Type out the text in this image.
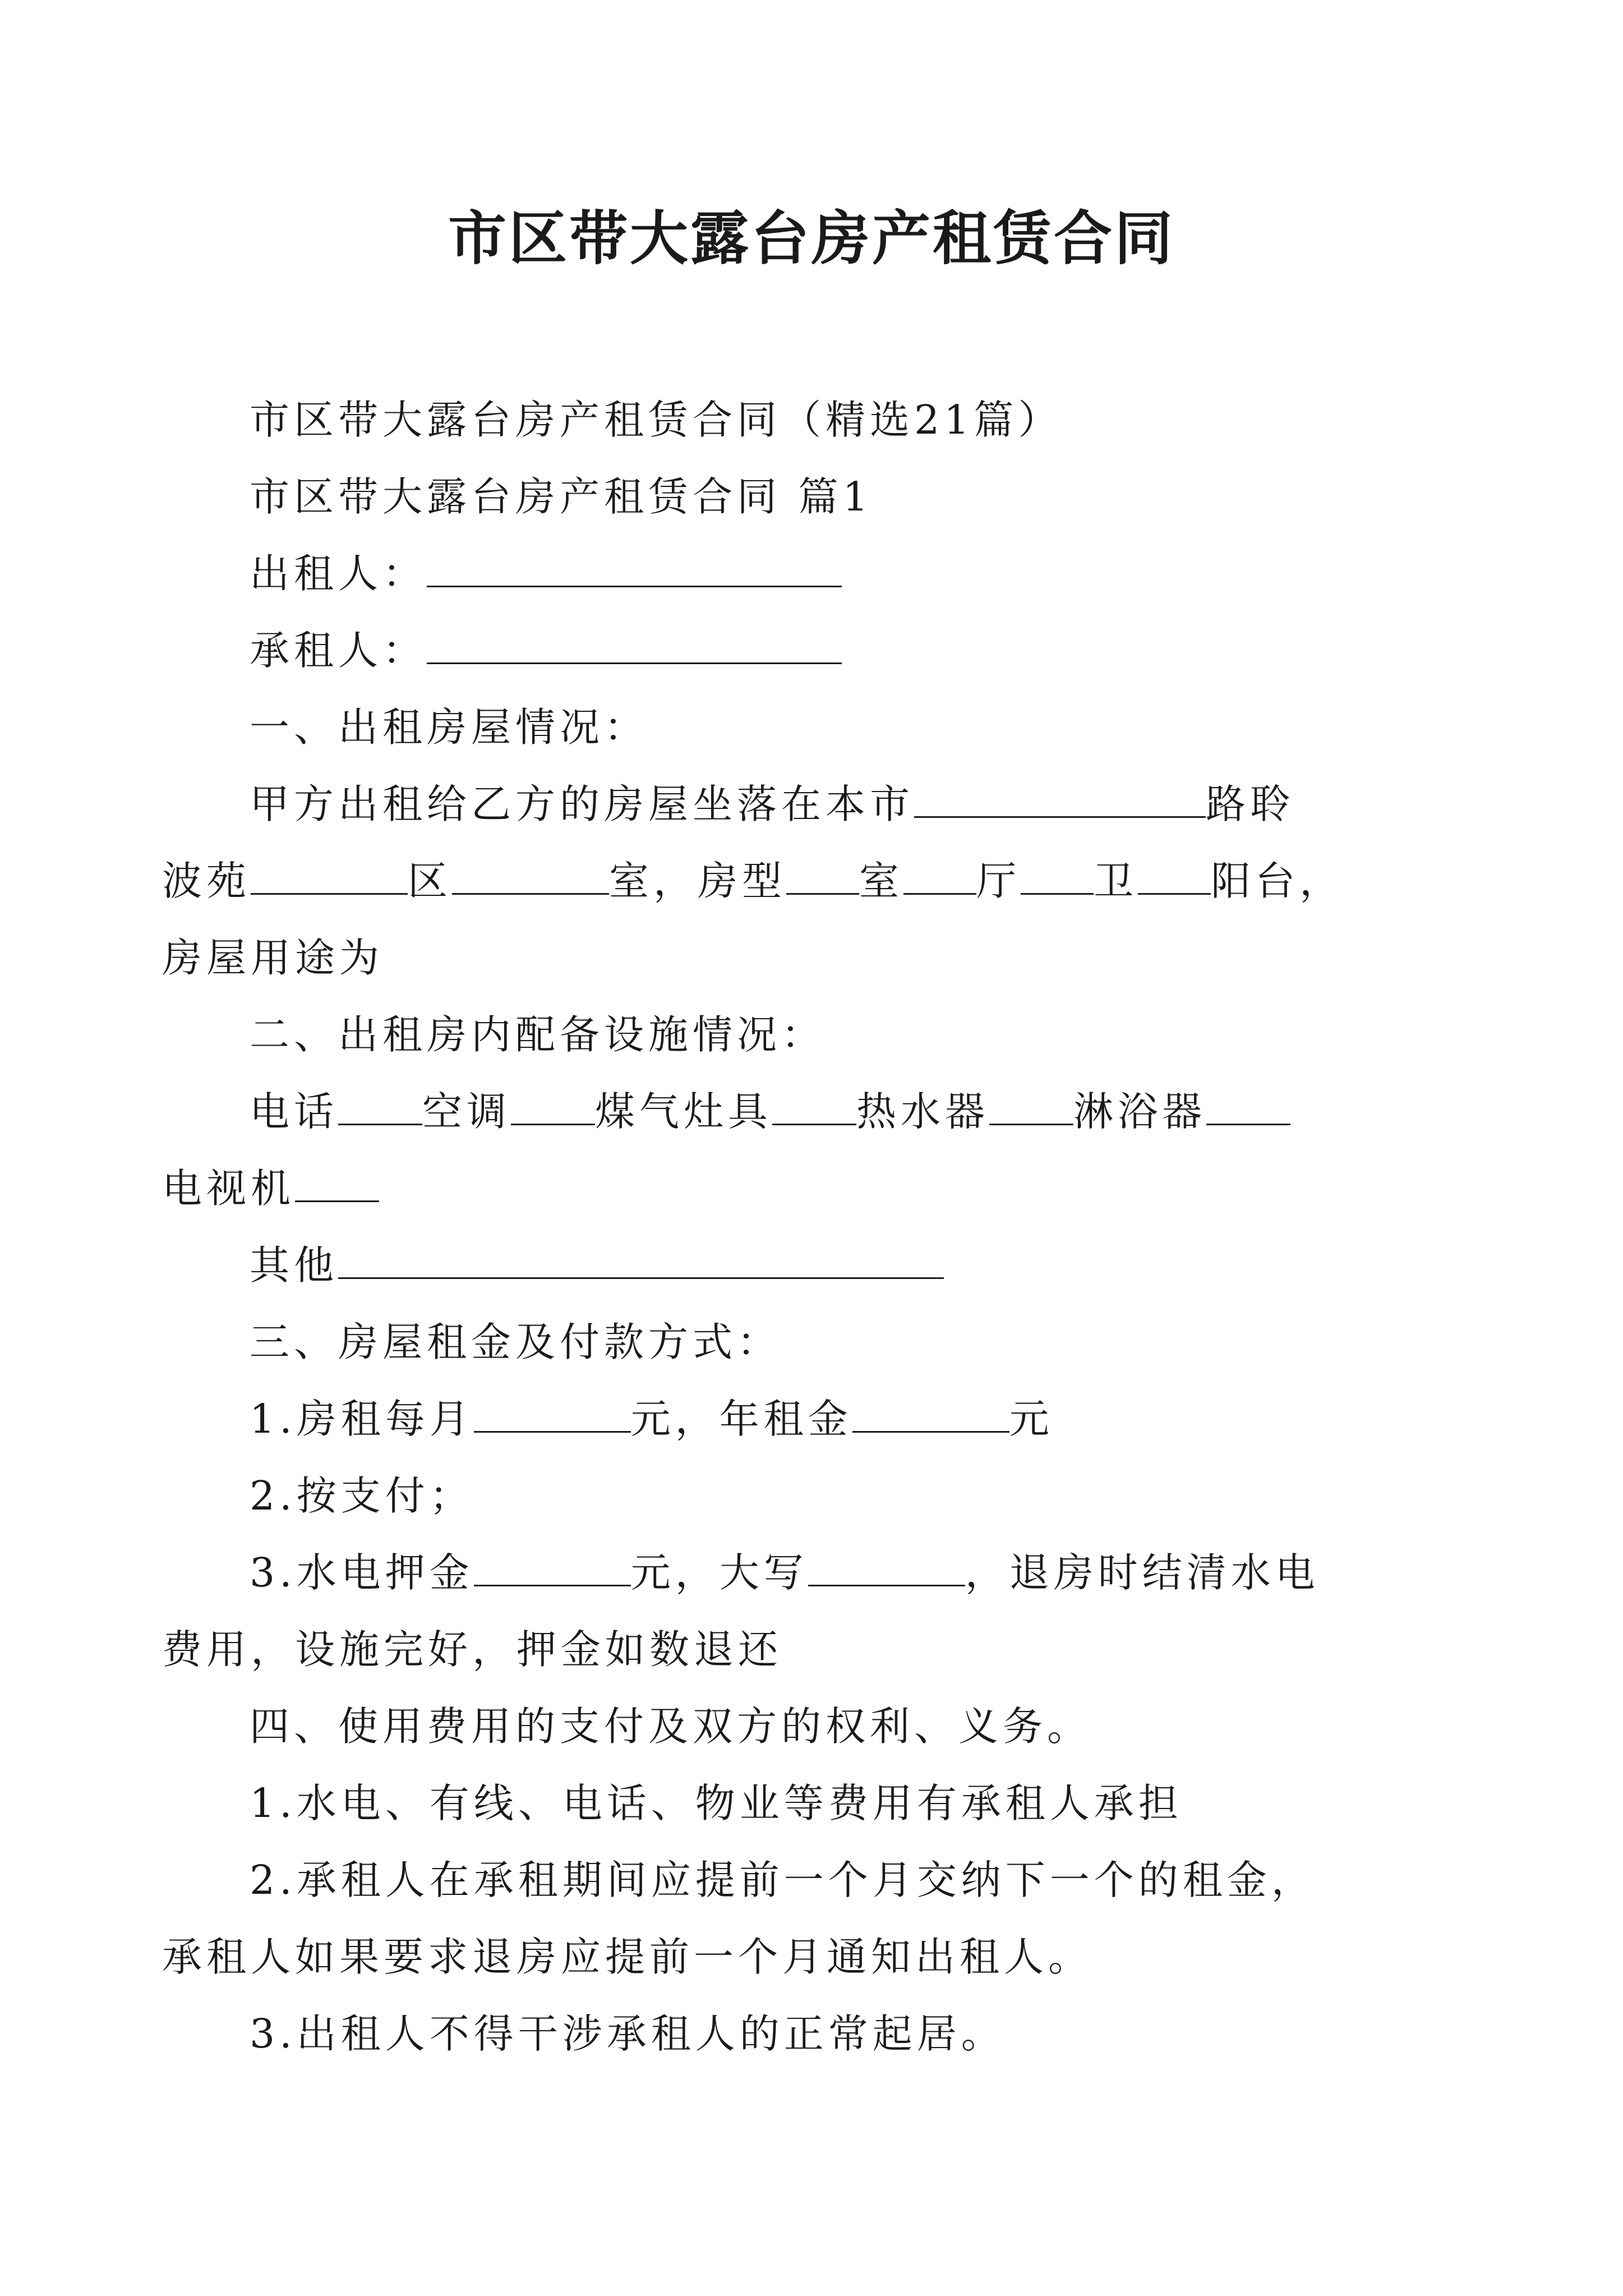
市区带大露台房产租赁合同

市区带大露台房产租赁合同（精选21篇）

市区带大露台房产租赁合同 篇1

出租人：

承租人：

一、出租房屋情况：

甲方出租给乙方的房屋坐落在本市	路聆
波苑	区	室，房型 室 厅 卫 阳台，
房屋用途为

二、出租房内配备设施情况：

电话 空调 煤气灶具 热水器 淋浴器
电视机
其他

三、房屋租金及付款方式：

1.房租每月	元，年租金	元

2.按支付；

3.水电押金	元，大写	，退房时结清水电
费用，设施完好，押金如数退还

四、使用费用的支付及双方的权利、义务。

1.水电、有线、电话、物业等费用有承租人承担

2.承租人在承租期间应提前一个月交纳下一个的租金，

承租人如果要求退房应提前一个月通知出租人。

3.出租人不得干涉承租人的正常起居。
